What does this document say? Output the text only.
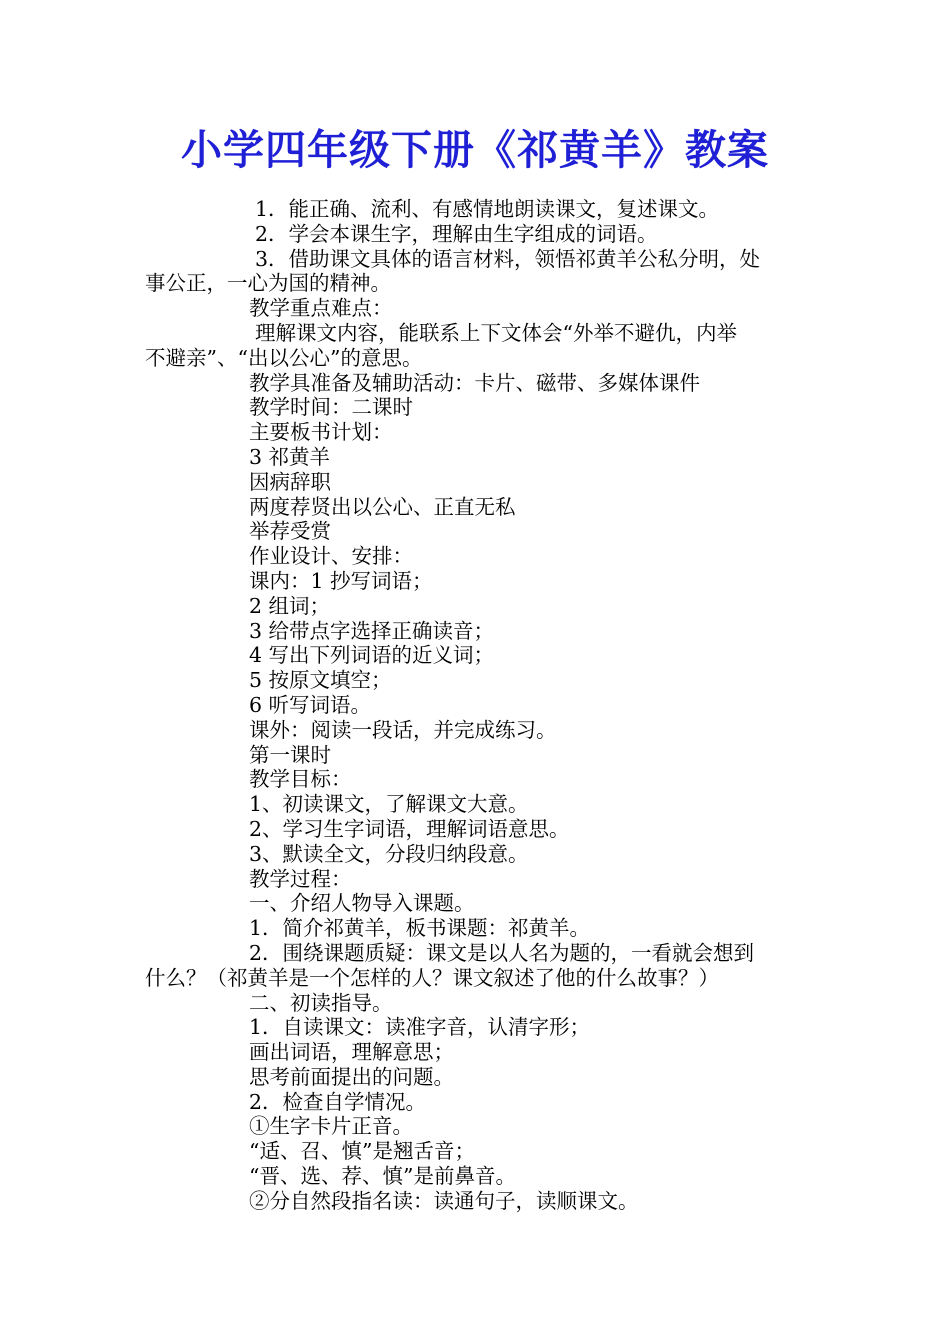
小学四年级下册《祁黄羊》教案
1．能正确、流利、有感情地朗读课文，复述课文。
2．学会本课生字，理解由生字组成的词语。
3．借助课文具体的语言材料，领悟祁黄羊公私分明，处
事公正，一心为国的精神。
教学重点难点：
理解课文内容，能联系上下文体会“外举不避仇，内举
不避亲”、“出以公心”的意思。
教学具准备及辅助活动：卡片、磁带、多媒体课件
教学时间：二课时
主要板书计划：
3 祁黄羊
因病辞职
两度荐贤出以公心、正直无私
举荐受赏
作业设计、安排：
课内：1 抄写词语；
2 组词；
3 给带点字选择正确读音；
4 写出下列词语的近义词；
5 按原文填空；
6 听写词语。
课外：阅读一段话，并完成练习。
第一课时
教学目标：
1、初读课文，了解课文大意。
2、学习生字词语，理解词语意思。
3、默读全文，分段归纳段意。
教学过程：
一、介绍人物导入课题。
1．简介祁黄羊，板书课题：祁黄羊。
2．围绕课题质疑：课文是以人名为题的，一看就会想到
什么？（祁黄羊是一个怎样的人？课文叙述了他的什么故事？）
二、初读指导。
1．自读课文：读准字音，认清字形；
画出词语，理解意思；
思考前面提出的问题。
2．检查自学情况。
①生字卡片正音。
“适、召、慎”是翘舌音；
“晋、选、荐、慎”是前鼻音。
②分自然段指名读：读通句子，读顺课文。
